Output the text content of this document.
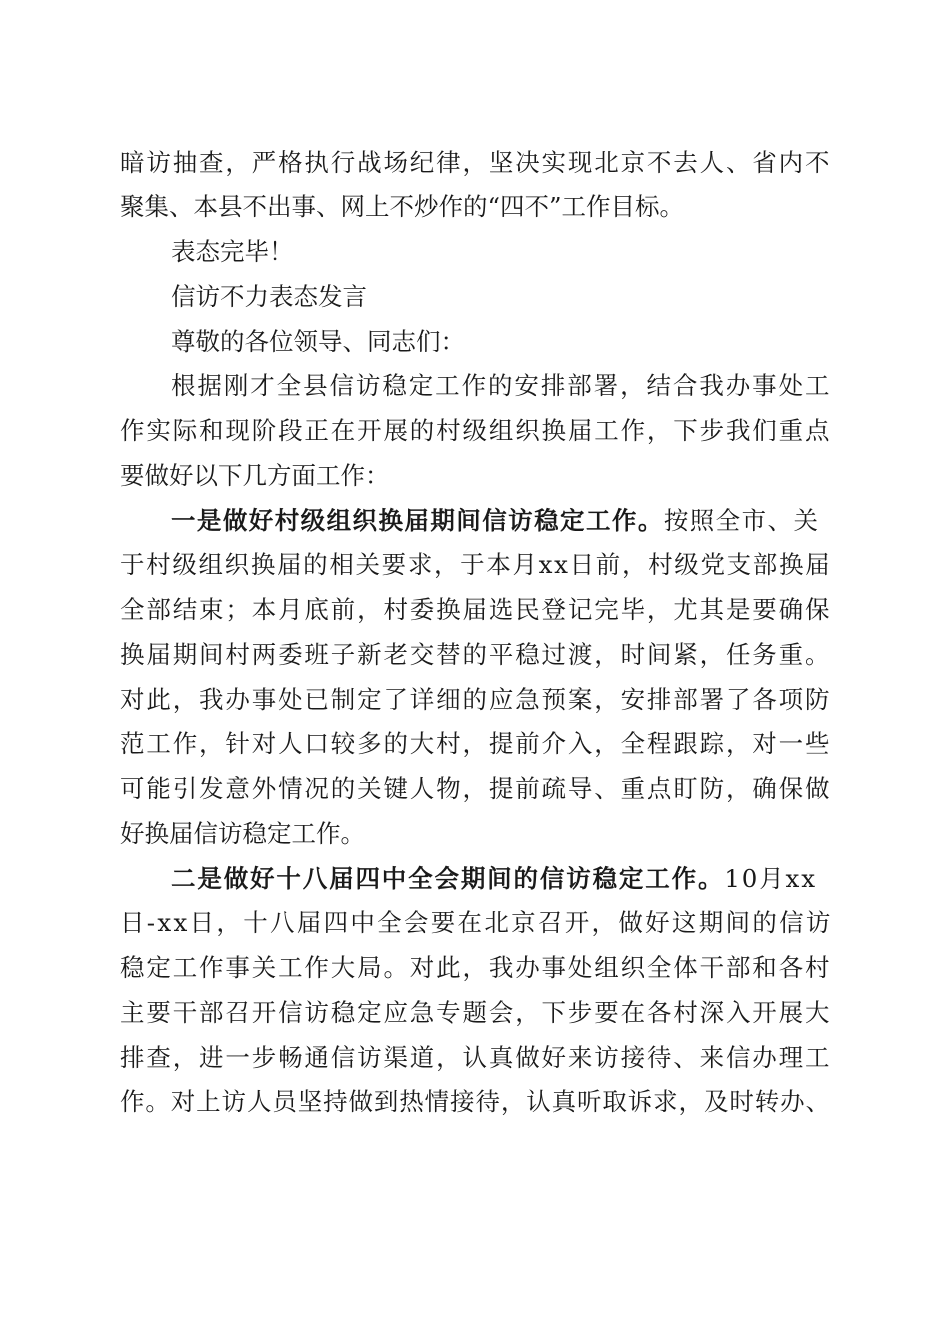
暗访抽查，严格执行战场纪律，坚决实现北京不去人、省内不
聚集、本县不出事、网上不炒作的“四不”工作目标。
表态完毕！
信访不力表态发言
尊敬的各位领导、同志们：
根据刚才全县信访稳定工作的安排部署，结合我办事处工
作实际和现阶段正在开展的村级组织换届工作，下步我们重点
要做好以下几方面工作：
一是做好村级组织换届期间信访稳定工作。按照全市、关
于村级组织换届的相关要求，于本月xx日前，村级党支部换届
全部结束；本月底前，村委换届选民登记完毕，尤其是要确保
换届期间村两委班子新老交替的平稳过渡，时间紧，任务重。
对此，我办事处已制定了详细的应急预案，安排部署了各项防
范工作，针对人口较多的大村，提前介入，全程跟踪，对一些
可能引发意外情况的关键人物，提前疏导、重点盯防，确保做
好换届信访稳定工作。
二是做好十八届四中全会期间的信访稳定工作。10月xx
日-xx日，十八届四中全会要在北京召开，做好这期间的信访
稳定工作事关工作大局。对此，我办事处组织全体干部和各村
主要干部召开信访稳定应急专题会，下步要在各村深入开展大
排查，进一步畅通信访渠道，认真做好来访接待、来信办理工
作。对上访人员坚持做到热情接待，认真听取诉求，及时转办、
